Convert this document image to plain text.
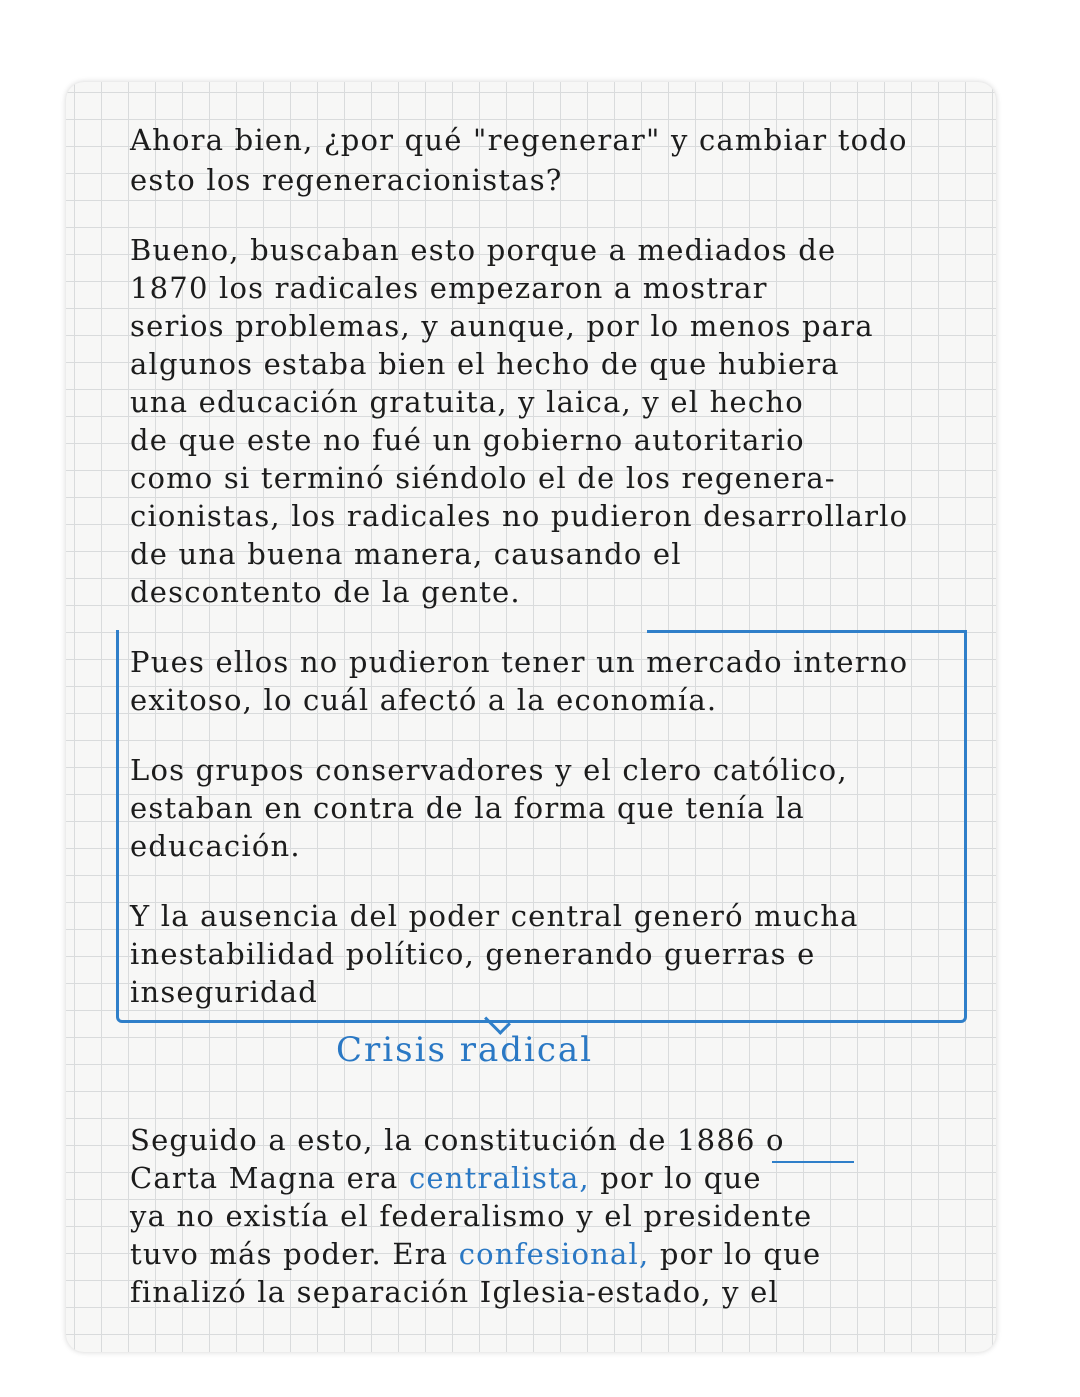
Ahora bien, ¿por qué "regenerar" y cambiar todo

esto los regeneracionistas?

Bueno, buscaban esto porque a mediados de

1870 los radicales empezaron a mostrar

serios problemas, y aunque, por lo menos para

algunos estaba bien el hecho de que hubiera

una educación gratuita, y laica, y el hecho

de que este no fué un gobierno autoritario

como si terminó siéndolo el de los regenera-

cionistas, los radicales no pudieron desarrollarlo

de una buena manera, causando el

descontento de la gente.

Pues ellos no pudieron tener un mercado interno

exitoso, lo cuál afectó a la economía.

Los grupos conservadores y el clero católico,

estaban en contra de la forma que tenía la

educación.

Y la ausencia del poder central generó mucha

inestabilidad político, generando guerras e

inseguridad

Crisis radical

Seguido a esto, la constitución de 1886 o

Carta Magna era centralista, por lo que

ya no existía el federalismo y el presidente

tuvo más poder. Era confesional, por lo que

finalizó la separación Iglesia-estado, y el
